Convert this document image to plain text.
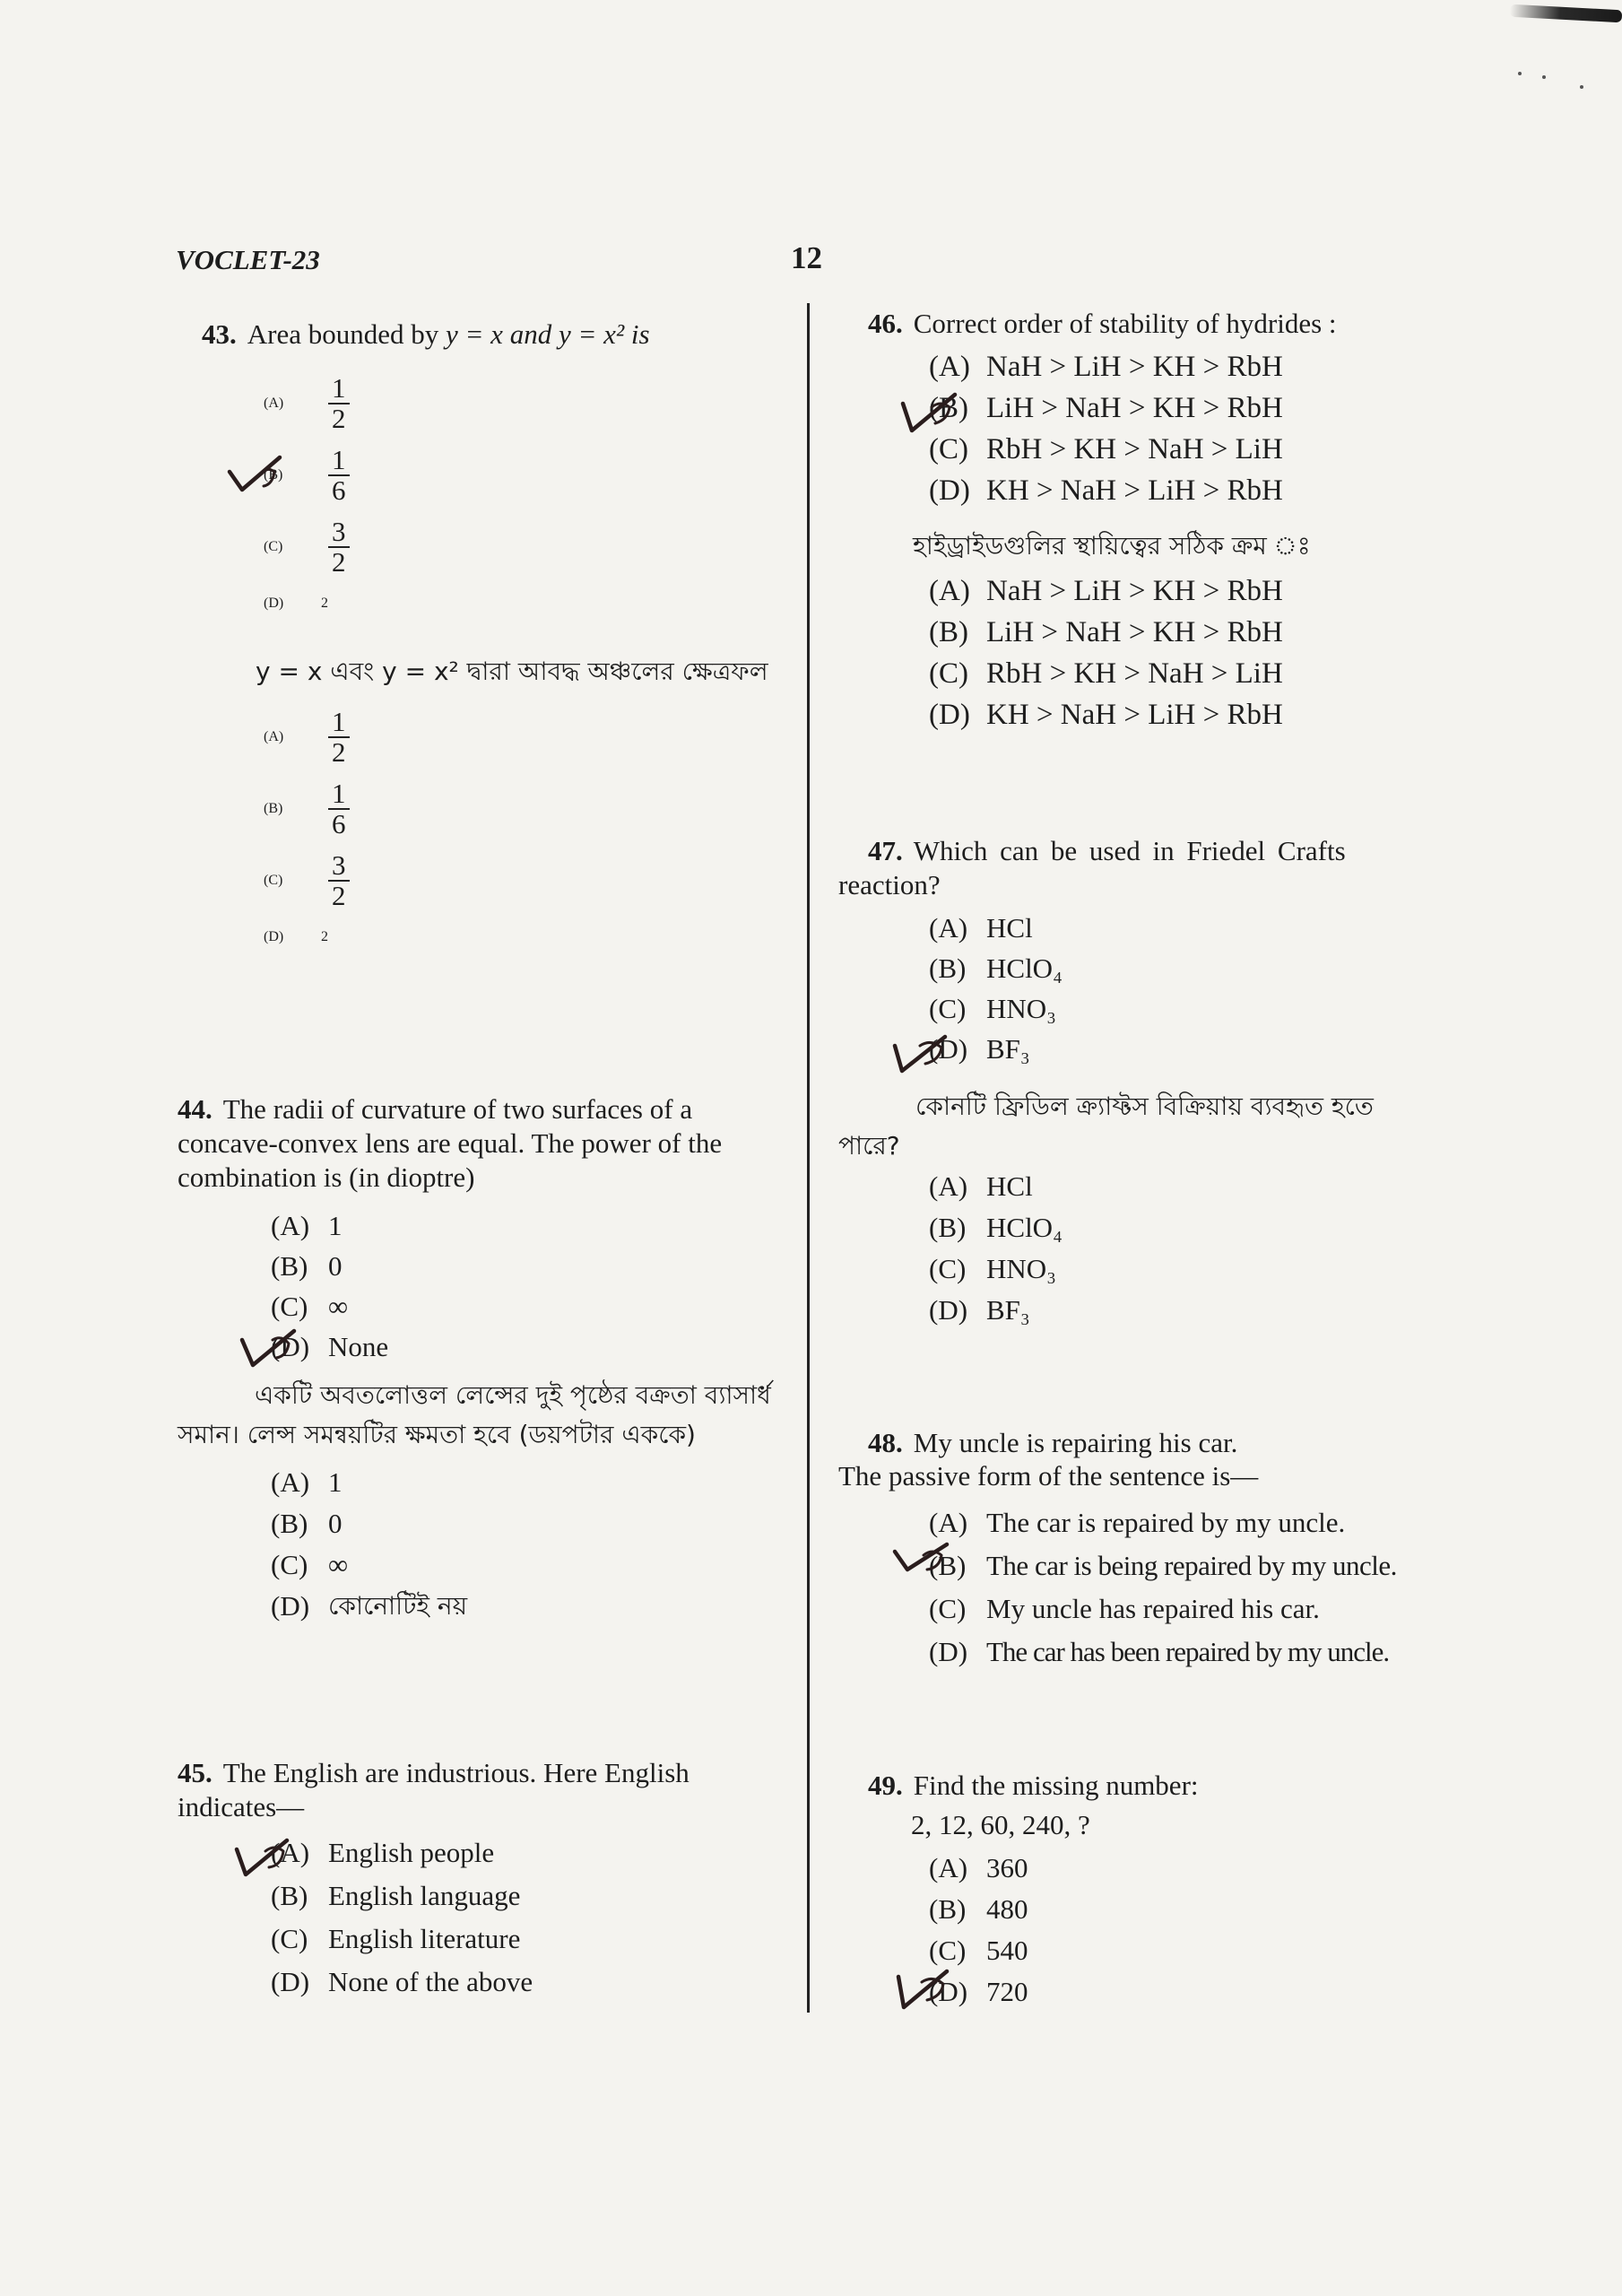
VOCLET-23	12

43. Area bounded by y = x and y = x² is

(A)	$\frac{1}{2}$
(B)	$\frac{1}{6}$
(C)	$\frac{3}{2}$
(D)	2

y = x এবং y = x² দ্বারা আবদ্ধ অঞ্চলের ক্ষেত্রফল

(A)	$\frac{1}{2}$
(B)	$\frac{1}{6}$
(C)	$\frac{3}{2}$
(D)	2

44. The radii of curvature of two surfaces of a concave-convex lens are equal. The power of the combination is (in dioptre)

(A) 1
(B) 0
(C) ∞
(D) None

একটি অবতলোত্তল লেন্সের দুই পৃষ্ঠের বক্রতা ব্যাসার্ধ সমান। লেন্স সমন্বয়টির ক্ষমতা হবে (ডয়পটার এককে)

(A) 1
(B) 0
(C) ∞
(D) কোনোটিই নয়

45. The English are industrious. Here English indicates—

(A) English people
(B) English language
(C) English literature
(D) None of the above

46. Correct order of stability of hydrides :

(A) NaH > LiH > KH > RbH
(B) LiH > NaH > KH > RbH
(C) RbH > KH > NaH > LiH
(D) KH > NaH > LiH > RbH

হাইড্রাইডগুলির স্থায়িত্বের সঠিক ক্রম ঃ

(A) NaH > LiH > KH > RbH
(B) LiH > NaH > KH > RbH
(C) RbH > KH > NaH > LiH
(D) KH > NaH > LiH > RbH

47. Which can be used in Friedel Crafts reaction?

(A) HCl
(B) HClO₄
(C) HNO₃
(D) BF₃

কোনটি ফ্রিডিল ক্র্যাফ্টস বিক্রিয়ায় ব্যবহৃত হতে পারে?

(A) HCl
(B) HClO₄
(C) HNO₃
(D) BF₃

48. My uncle is repairing his car.

The passive form of the sentence is—

(A) The car is repaired by my uncle.
(B) The car is being repaired by my uncle.
(C) My uncle has repaired his car.
(D) The car has been repaired by my uncle.

49. Find the missing number:

2, 12, 60, 240, ?

(A) 360
(B) 480
(C) 540
(D) 720
